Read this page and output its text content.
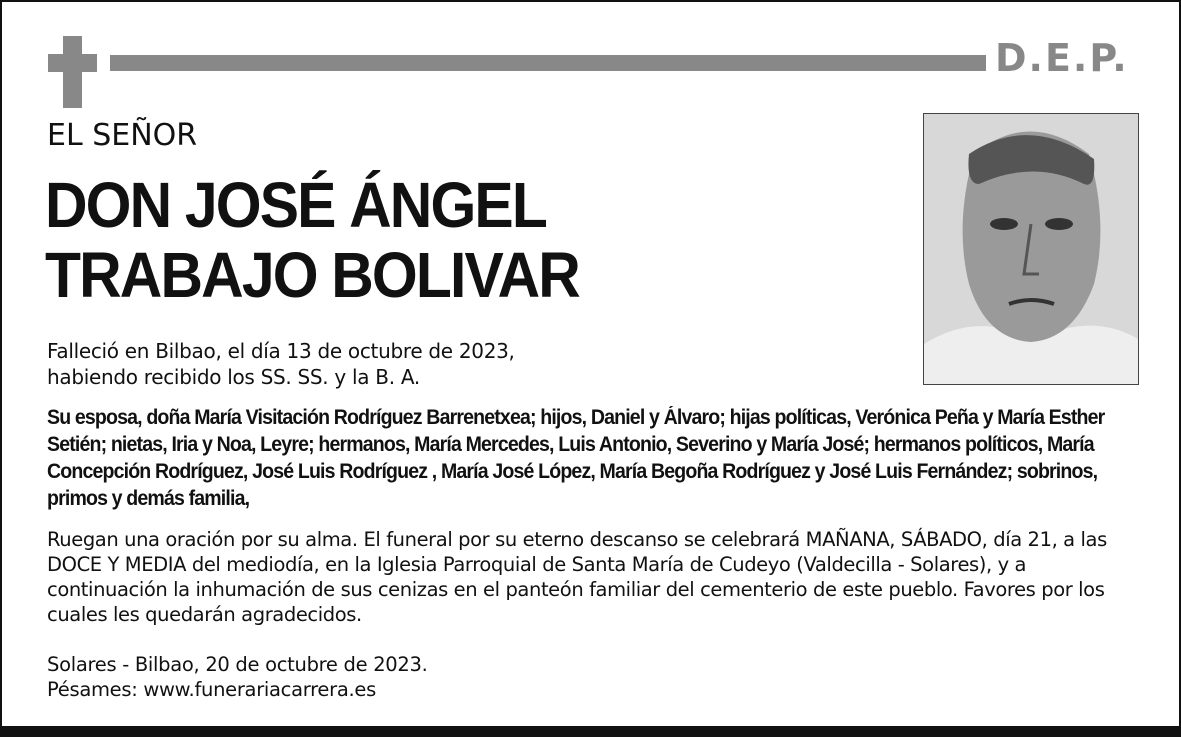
D.E.P.
EL SEÑOR
DON JOSÉ ÁNGEL
TRABAJO BOLIVAR
Falleció en Bilbao, el día 13 de octubre de 2023,
habiendo recibido los SS. SS. y la B. A.
Su esposa, doña María Visitación Rodríguez Barrenetxea; hijos, Daniel y Álvaro; hijas políticas, Verónica Peña y María Esther Setién; nietas, Iria y Noa, Leyre; hermanos, María Mercedes, Luis Antonio, Severino y María José; hermanos políticos, María Concepción Rodríguez, José Luis Rodríguez , María José López, María Begoña Rodríguez y José Luis Fernández; sobrinos, primos y demás familia,
Ruegan una oración por su alma. El funeral por su eterno descanso se celebrará MAÑANA, SÁBADO, día 21, a las DOCE Y MEDIA del mediodía, en la Iglesia Parroquial de Santa María de Cudeyo (Valdecilla - Solares), y a continuación la inhumación de sus cenizas en el panteón familiar del cementerio de este pueblo. Favores por los cuales les quedarán agradecidos.
Solares - Bilbao, 20 de octubre de 2023.
Pésames: www.funerariacarrera.es
